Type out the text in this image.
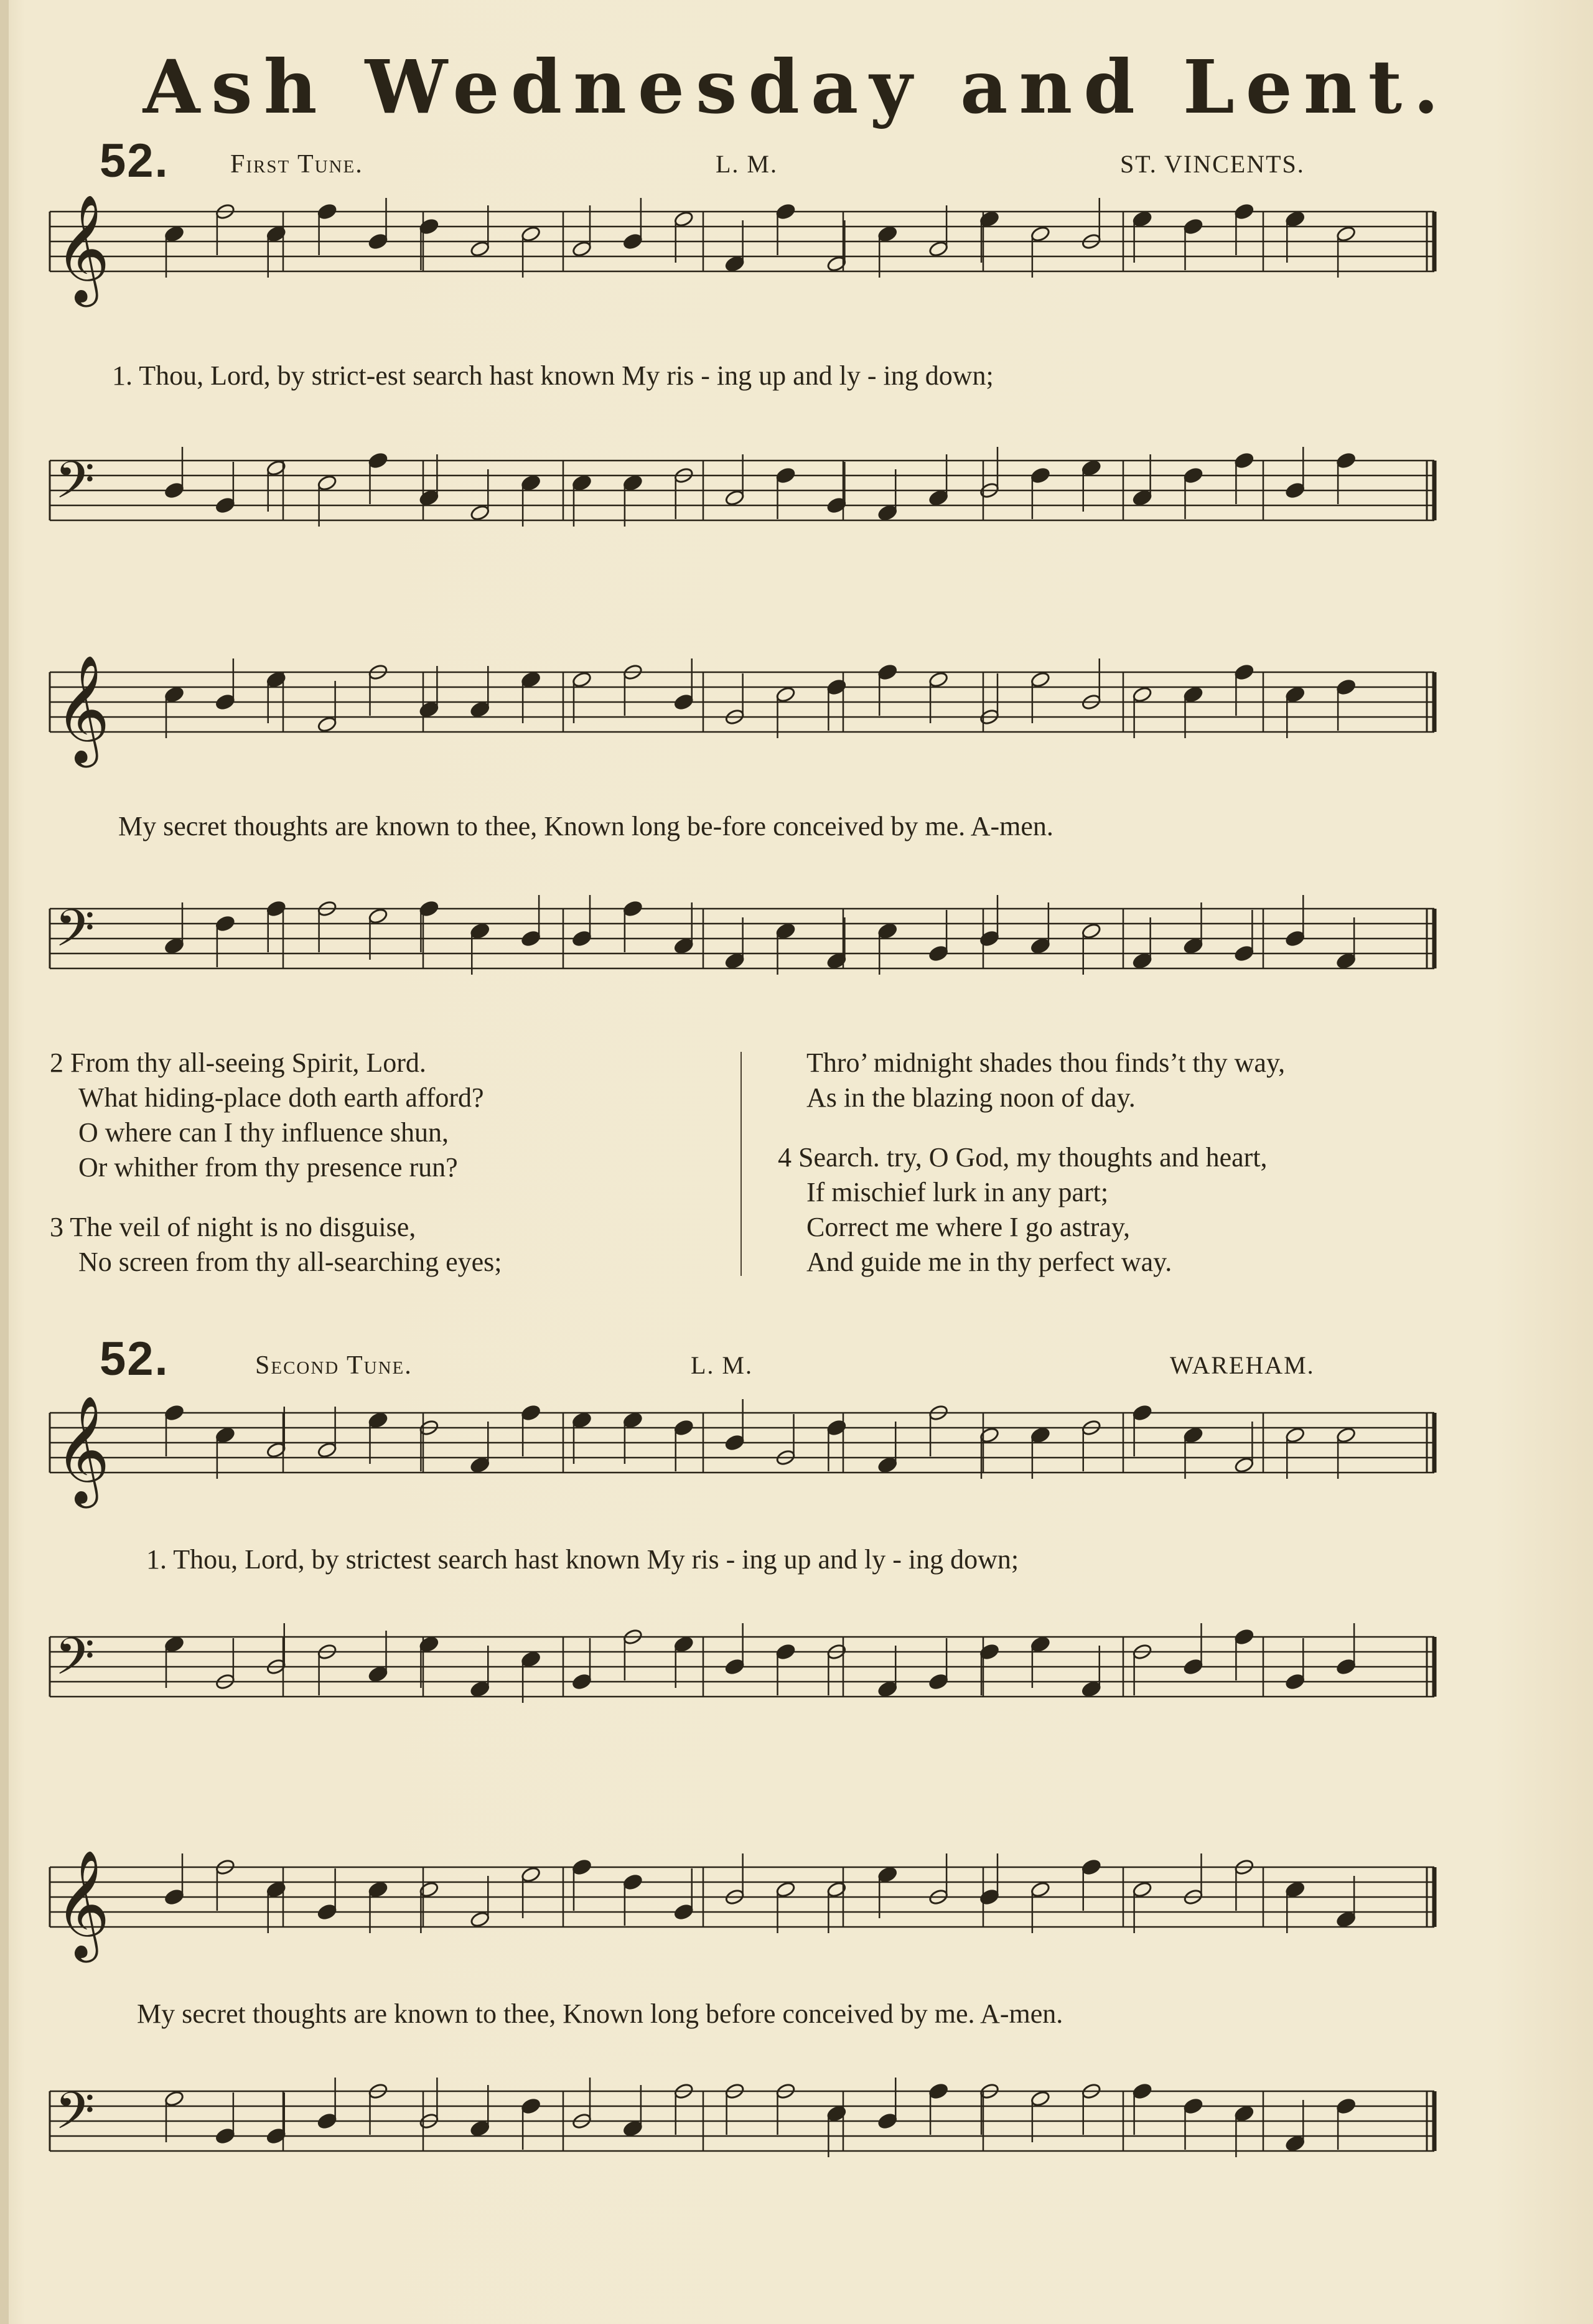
Ash Wednesday and Lent.
52. First Tune.	L. M.	ST. VINCENTS.
𝄞
1. Thou, Lord, by strict-est search hast known My ris - ing up and ly - ing down;
𝄢
𝄞
My secret thoughts are known to thee, Known long be-fore conceived by me. A-men.
𝄢
2 From thy all-seeing Spirit, Lord.
What hiding-place doth earth afford?
O where can I thy influence shun,
Or whither from thy presence run?
3 The veil of night is no disguise,
No screen from thy all-searching eyes;
Thro’ midnight shades thou finds’t thy way,
As in the blazing noon of day.
4 Search. try, O God, my thoughts and heart,
If mischief lurk in any part;
Correct me where I go astray,
And guide me in thy perfect way.
52.	Second Tune.	L. M.	WAREHAM.
𝄞
1. Thou, Lord, by strictest search hast known My ris - ing up and ly - ing down;
𝄢
𝄞
My secret thoughts are known to thee, Known long before conceived by me. A-men.
𝄢
